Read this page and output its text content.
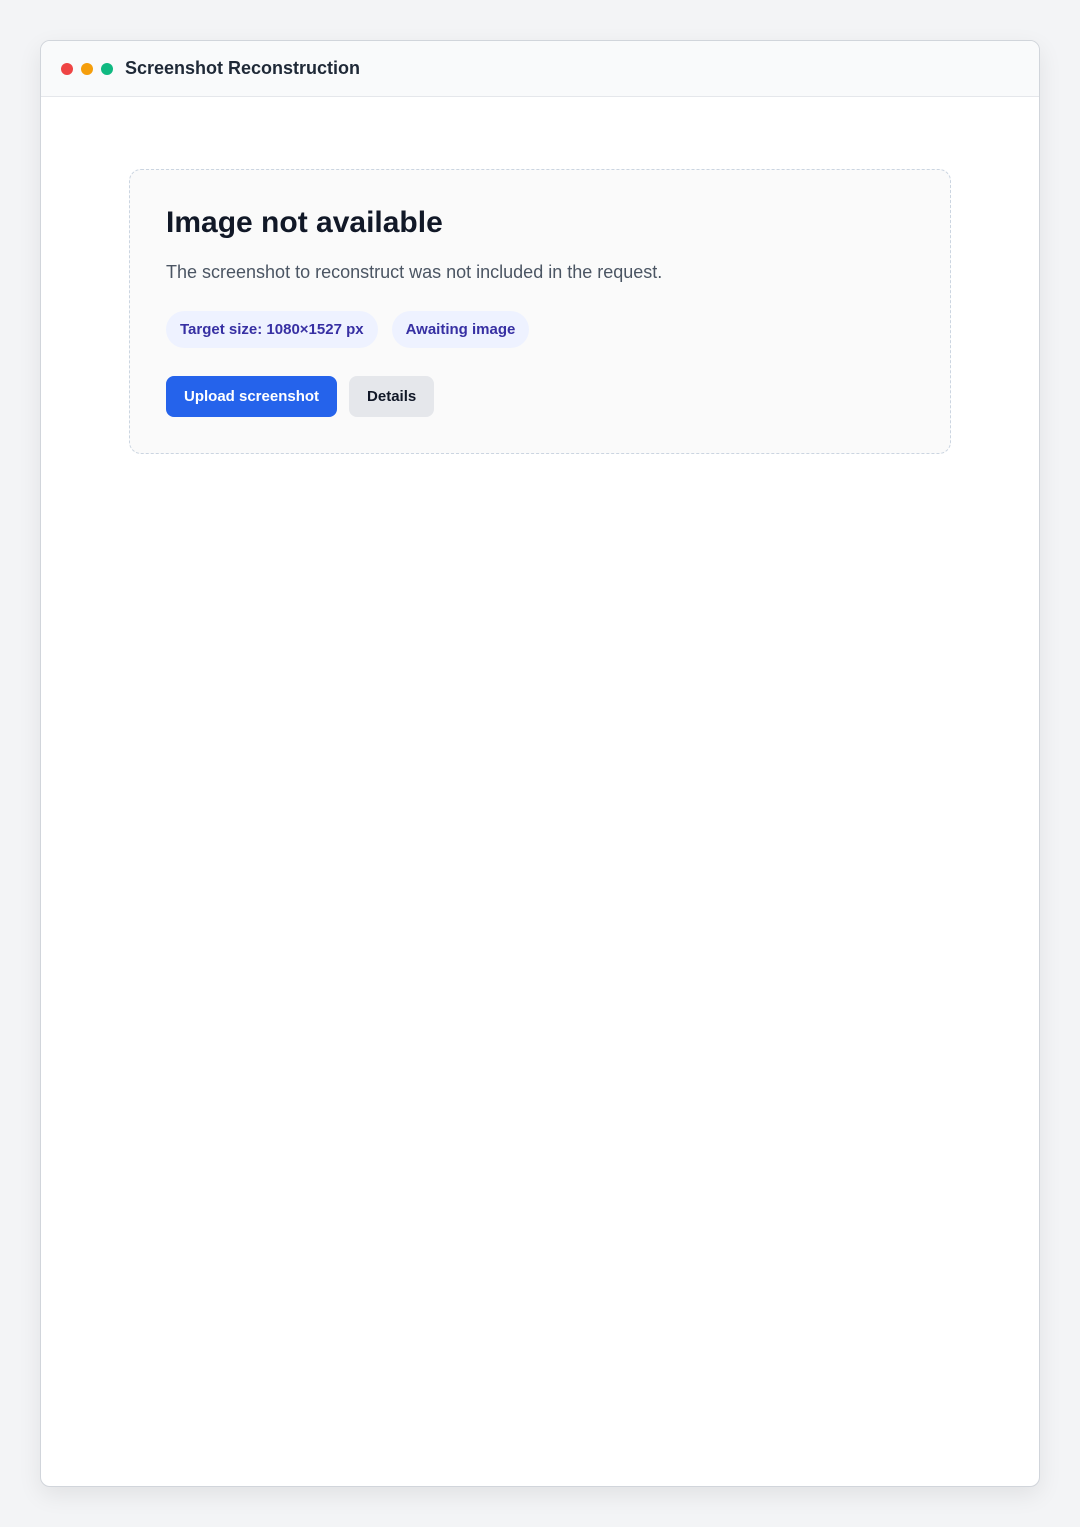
Screenshot Reconstruction
Image not available

The screenshot to reconstruct was not included in the request.

Target size: 1080×1527 px	Awaiting image
Upload screenshot	Details
